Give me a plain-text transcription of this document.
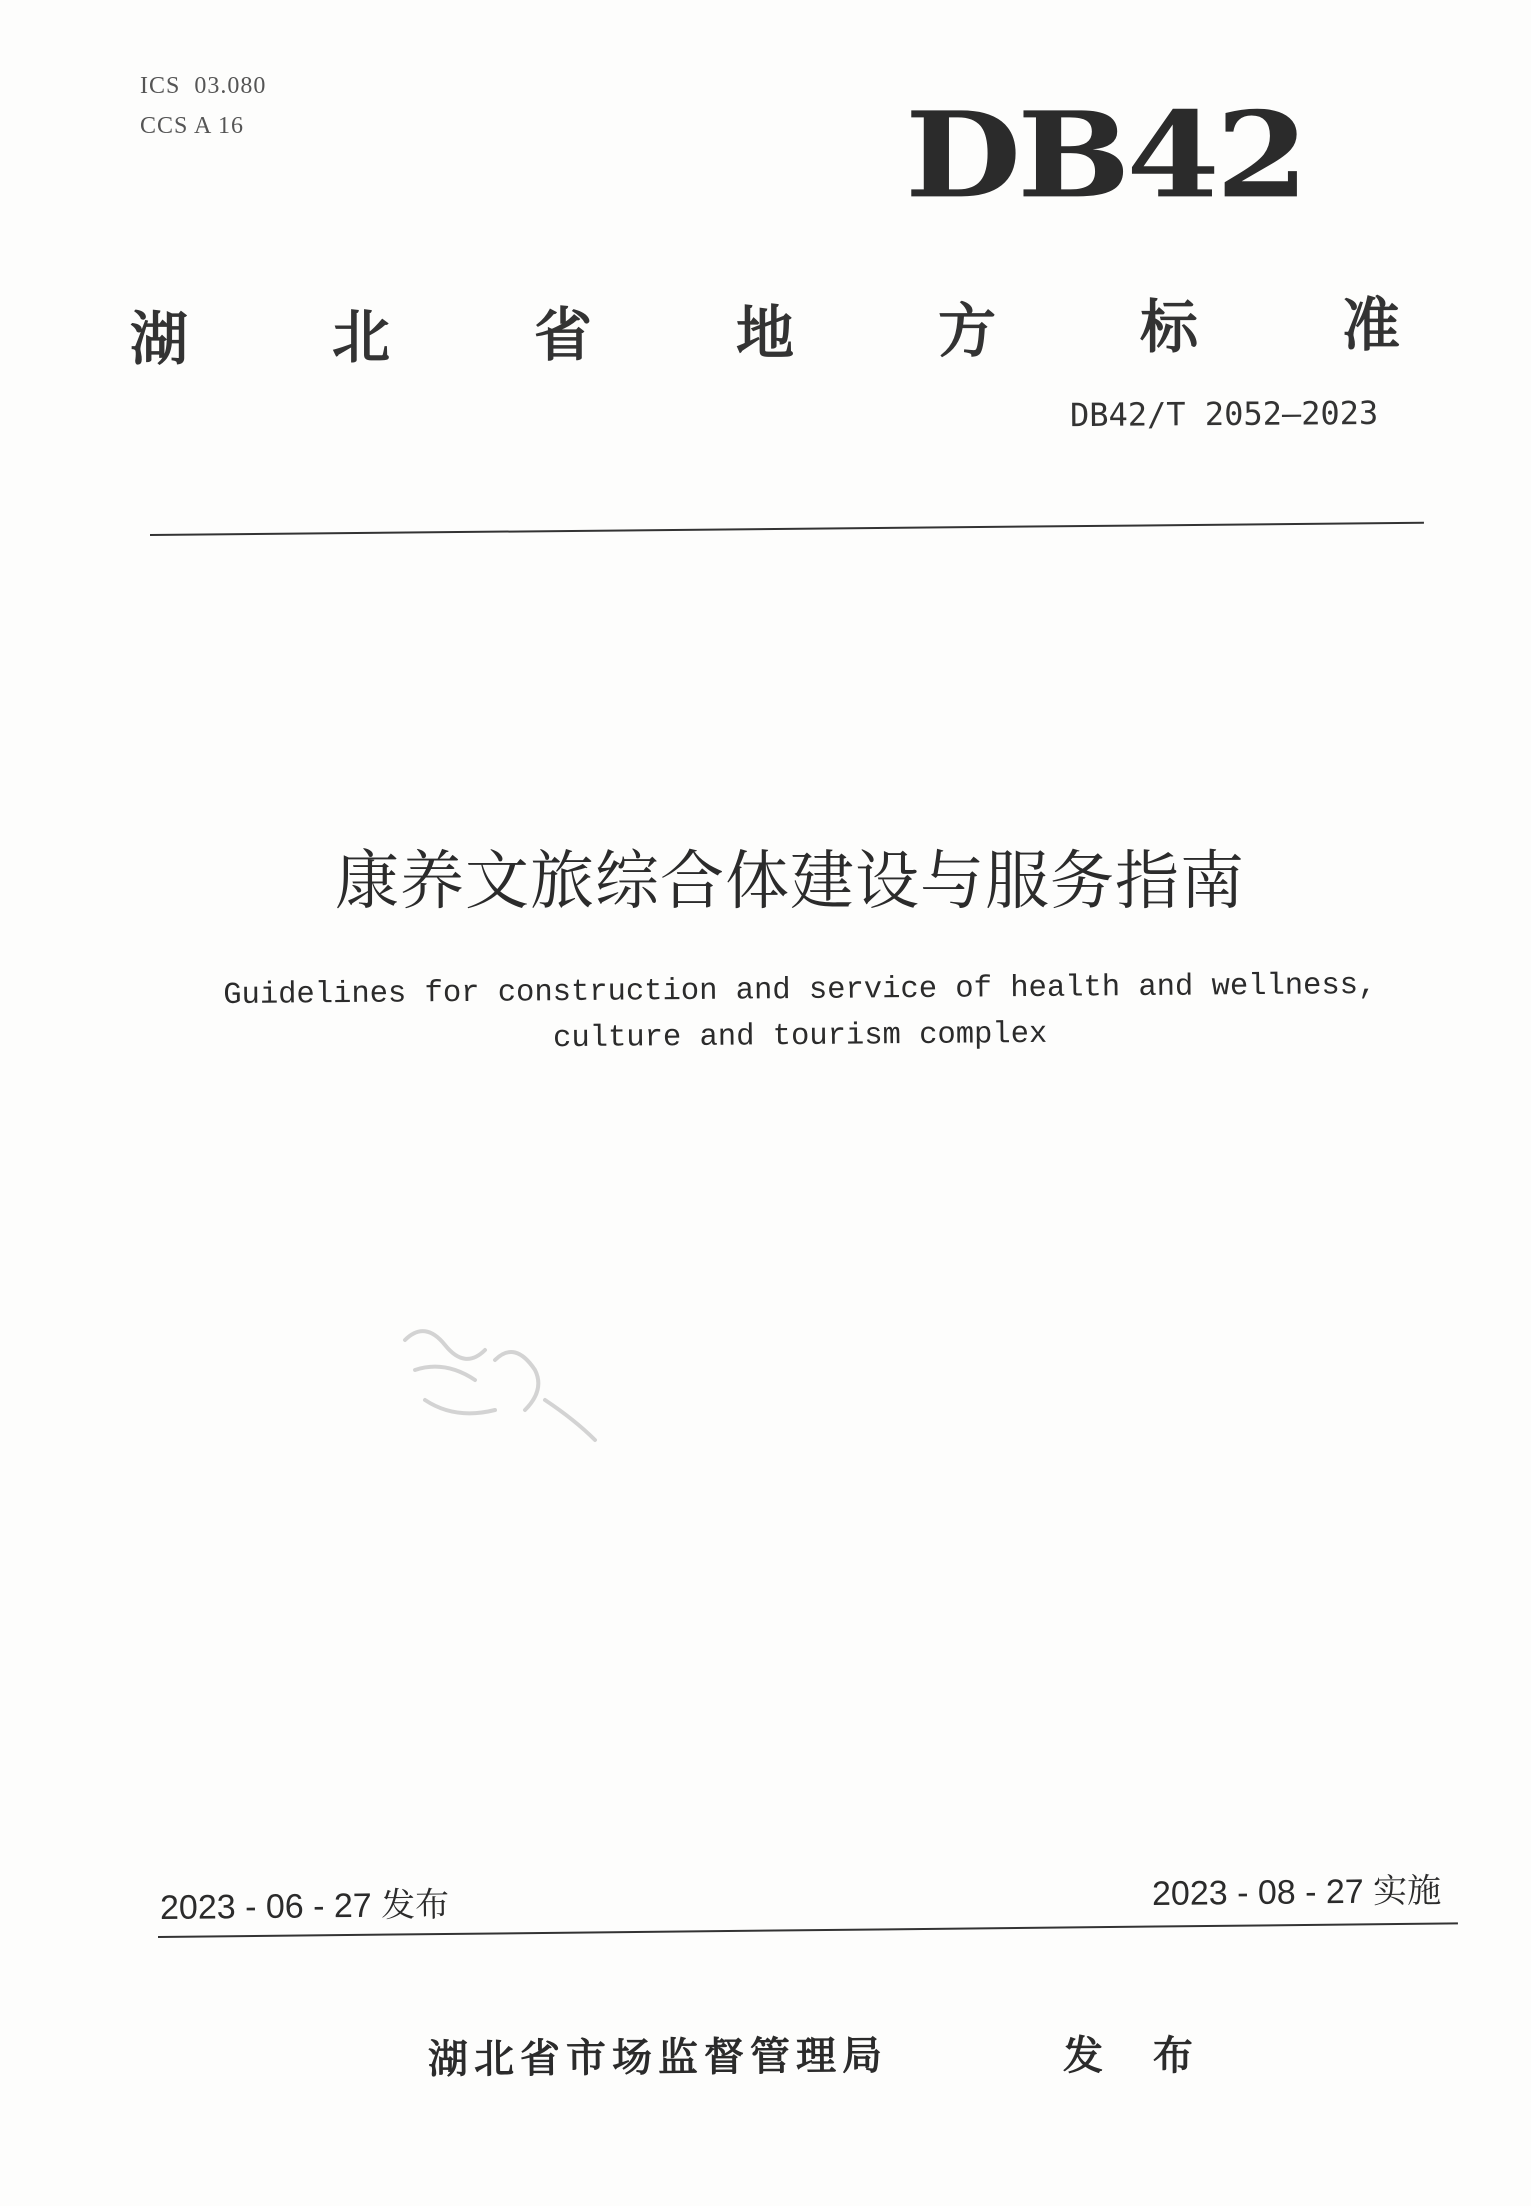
ICS  03.080
CCS A 16	DB42
湖 北 省 地 方 标 准
DB42/T 2052—2023
康养文旅综合体建设与服务指南
Guidelines for construction and service of health and wellness,
culture and tourism complex
2023 - 06 - 27 发布	2023 - 08 - 27 实施
湖北省市场监督管理局	发 布
